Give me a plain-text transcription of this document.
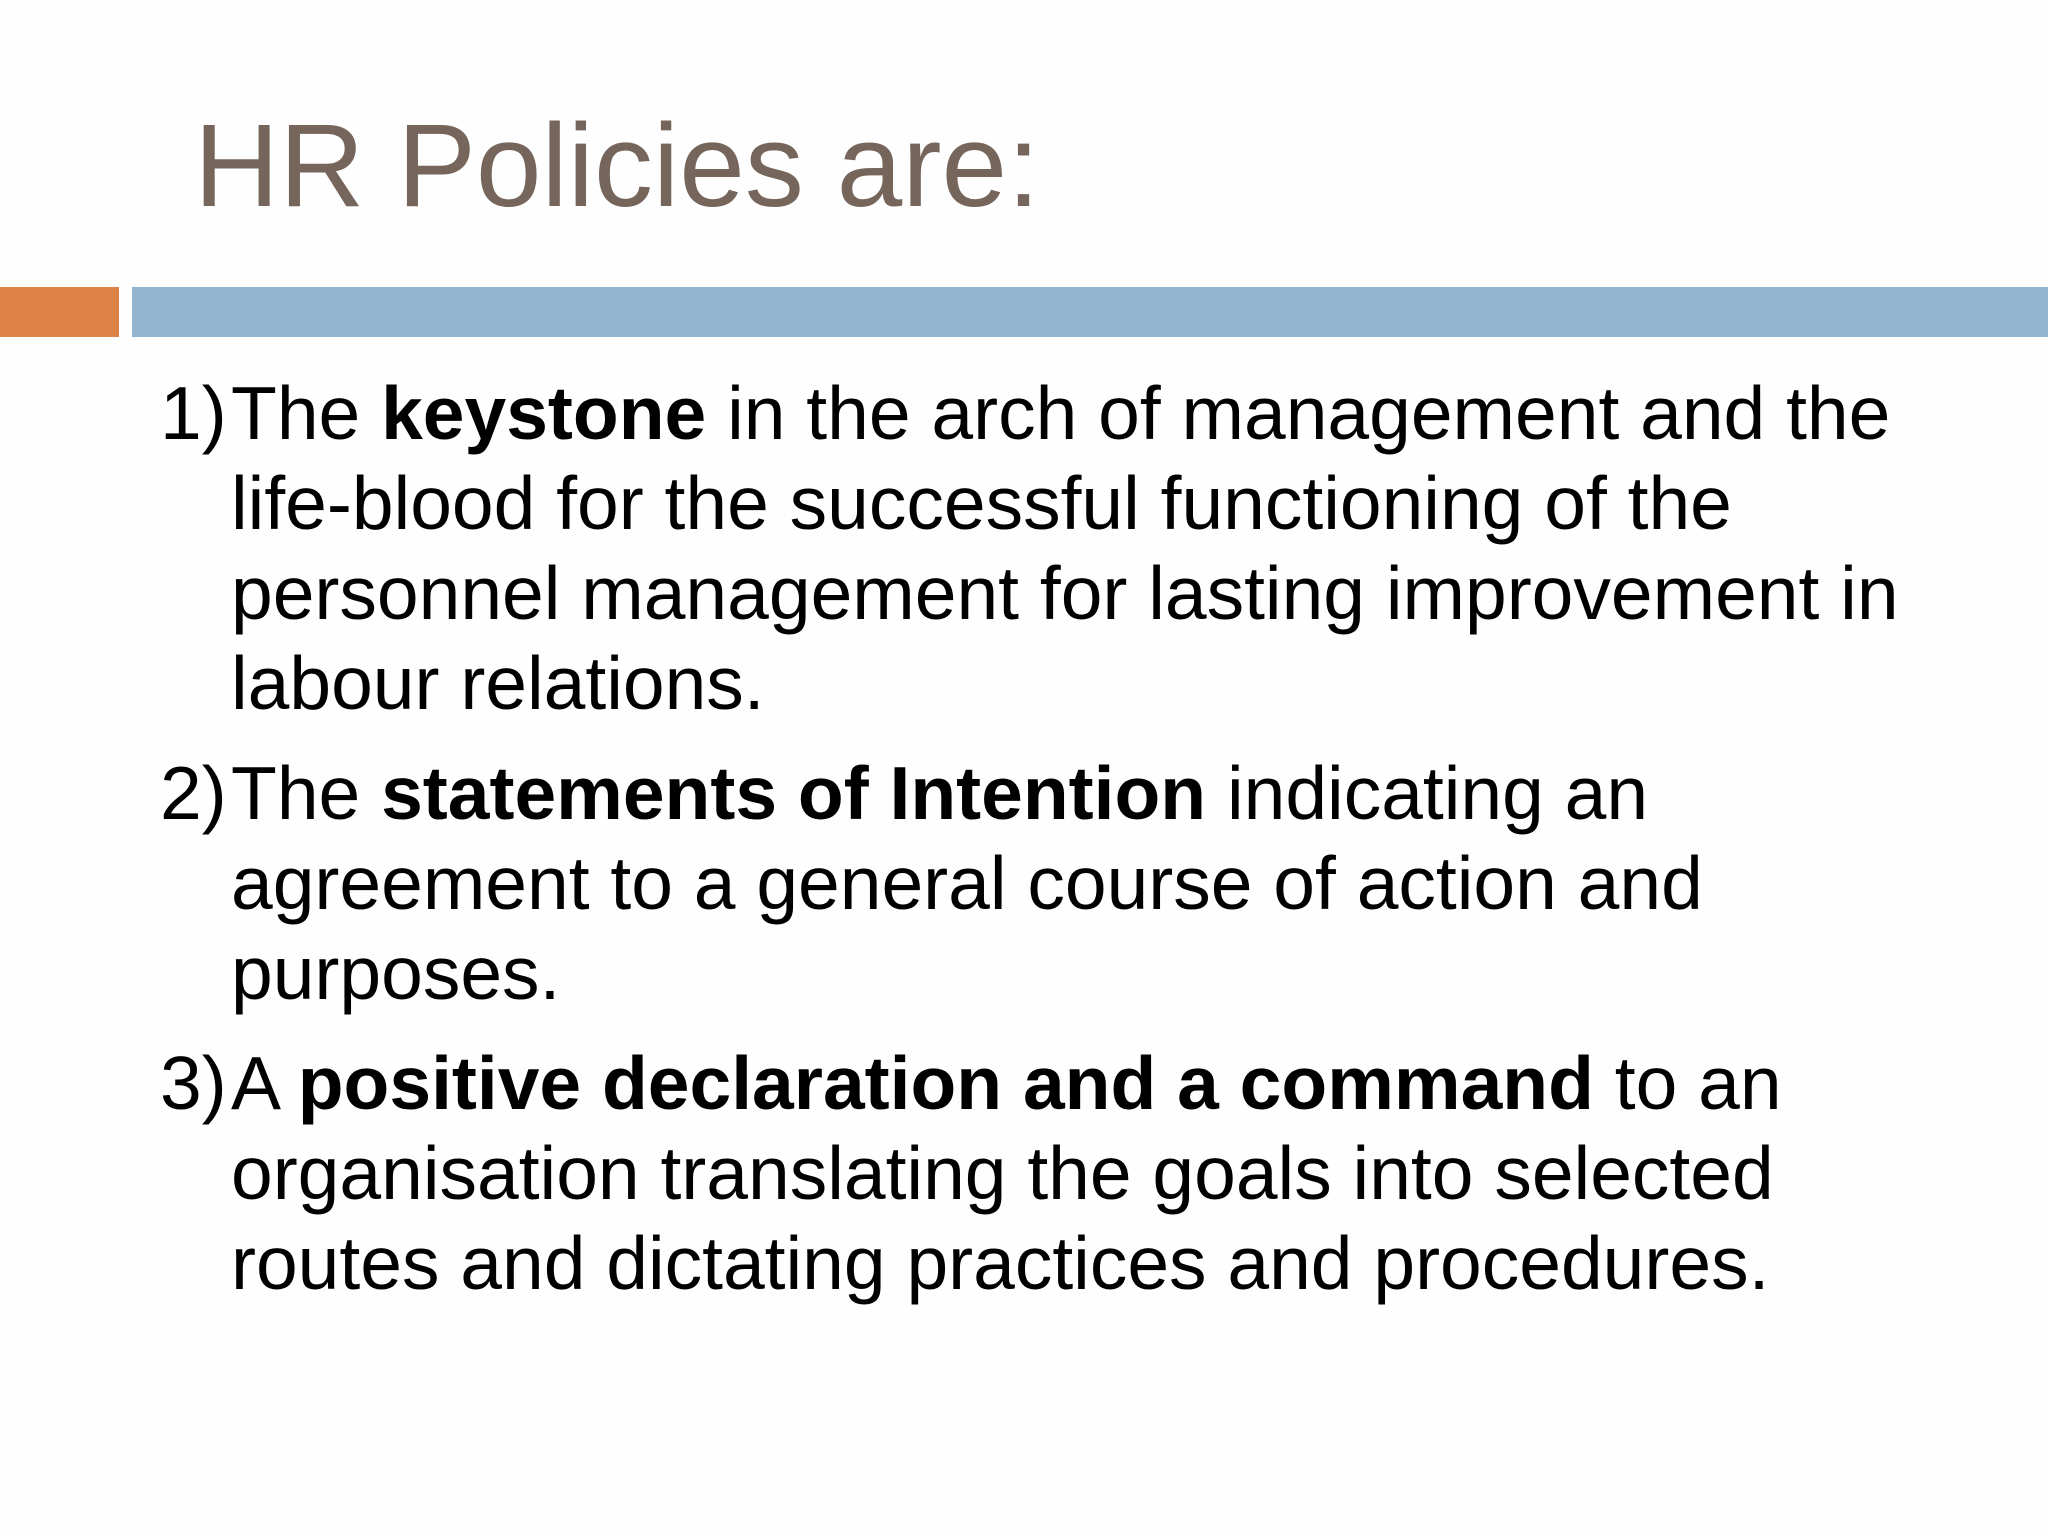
HR Policies are:
1) The keystone in the arch of management and the life-blood for the successful functioning of the personnel management for lasting improvement in labour relations.
2) The statements of Intention indicating an agreement to a general course of action and purposes.
3) A positive declaration and a command to an organisation translating the goals into selected routes and dictating practices and procedures.
